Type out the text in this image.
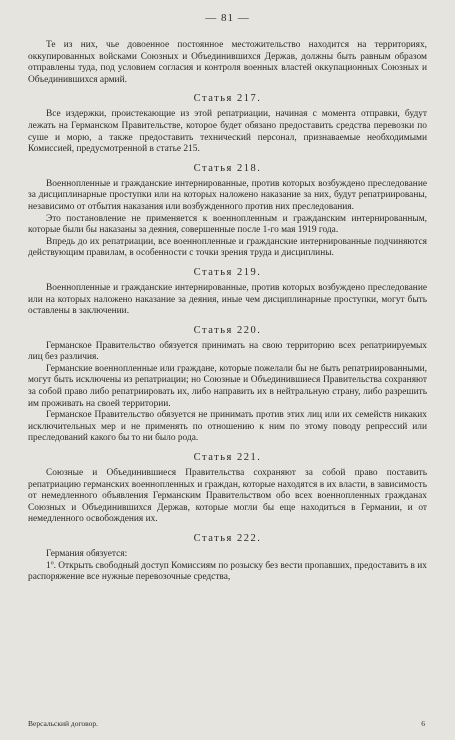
— 81 —

Те из них, чье довоенное постоянное местожительство находится на территориях, оккупированных войсками Союзных и Объединившихся Держав, должны быть равным образом отправлены туда, под условием согласия и контроля военных властей оккупационных Союзных и Объединившихся армий.

Статья 217.

Все издержки, проистекающие из этой репатриации, начиная с момента отправки, будут лежать на Германском Правительстве, которое будет обязано предоставить средства перевозки по суше и морю, а также предоставить технический персонал, признаваемые необходимыми Комиссией, предусмотренной в статье 215.

Статья 218.

Военнопленные и гражданские интернированные, против которых возбуждено преследование за дисциплинарные проступки или на которых наложено наказание за них, будут репатриированы, независимо от отбытия наказания или возбужденного против них преследования.

Это постановление не применяется к военнопленным и гражданским интернированным, которые были бы наказаны за деяния, совершенные после 1-го мая 1919 года.

Впредь до их репатриации, все военнопленные и гражданские интернированные подчиняются действующим правилам, в особенности с точки зрения труда и дисциплины.

Статья 219.

Военнопленные и гражданские интернированные, против которых возбуждено преследование или на которых наложено наказание за деяния, иные чем дисциплинарные проступки, могут быть оставлены в заключении.

Статья 220.

Германское Правительство обязуется принимать на свою территорию всех репатриируемых лиц без различия.

Германские военнопленные или граждане, которые пожелали бы не быть репатриированными, могут быть исключены из репатриации; но Союзные и Объединившиеся Правительства сохраняют за собой право либо репатриировать их, либо направить их в нейтральную страну, либо разрешить им проживать на своей территории.

Германское Правительство обязуется не принимать против этих лиц или их семейств никаких исключительных мер и не применять по отношению к ним по этому поводу репрессий или преследований какого бы то ни было рода.

Статья 221.

Союзные и Объединившиеся Правительства сохраняют за собой право поставить репатриацию германских военнопленных и граждан, которые находятся в их власти, в зависимость от немедленного объявления Германским Правительством обо всех военнопленных гражданах Союзных и Объединившихся Держав, которые могли бы еще находиться в Германии, и от немедленного освобождения их.

Статья 222.

Германия обязуется:

1º. Открыть свободный доступ Комиссиям по розыску без вести пропавших, предоставить в их распоряжение все нужные перевозочные средства,

Версальский договор.	6
